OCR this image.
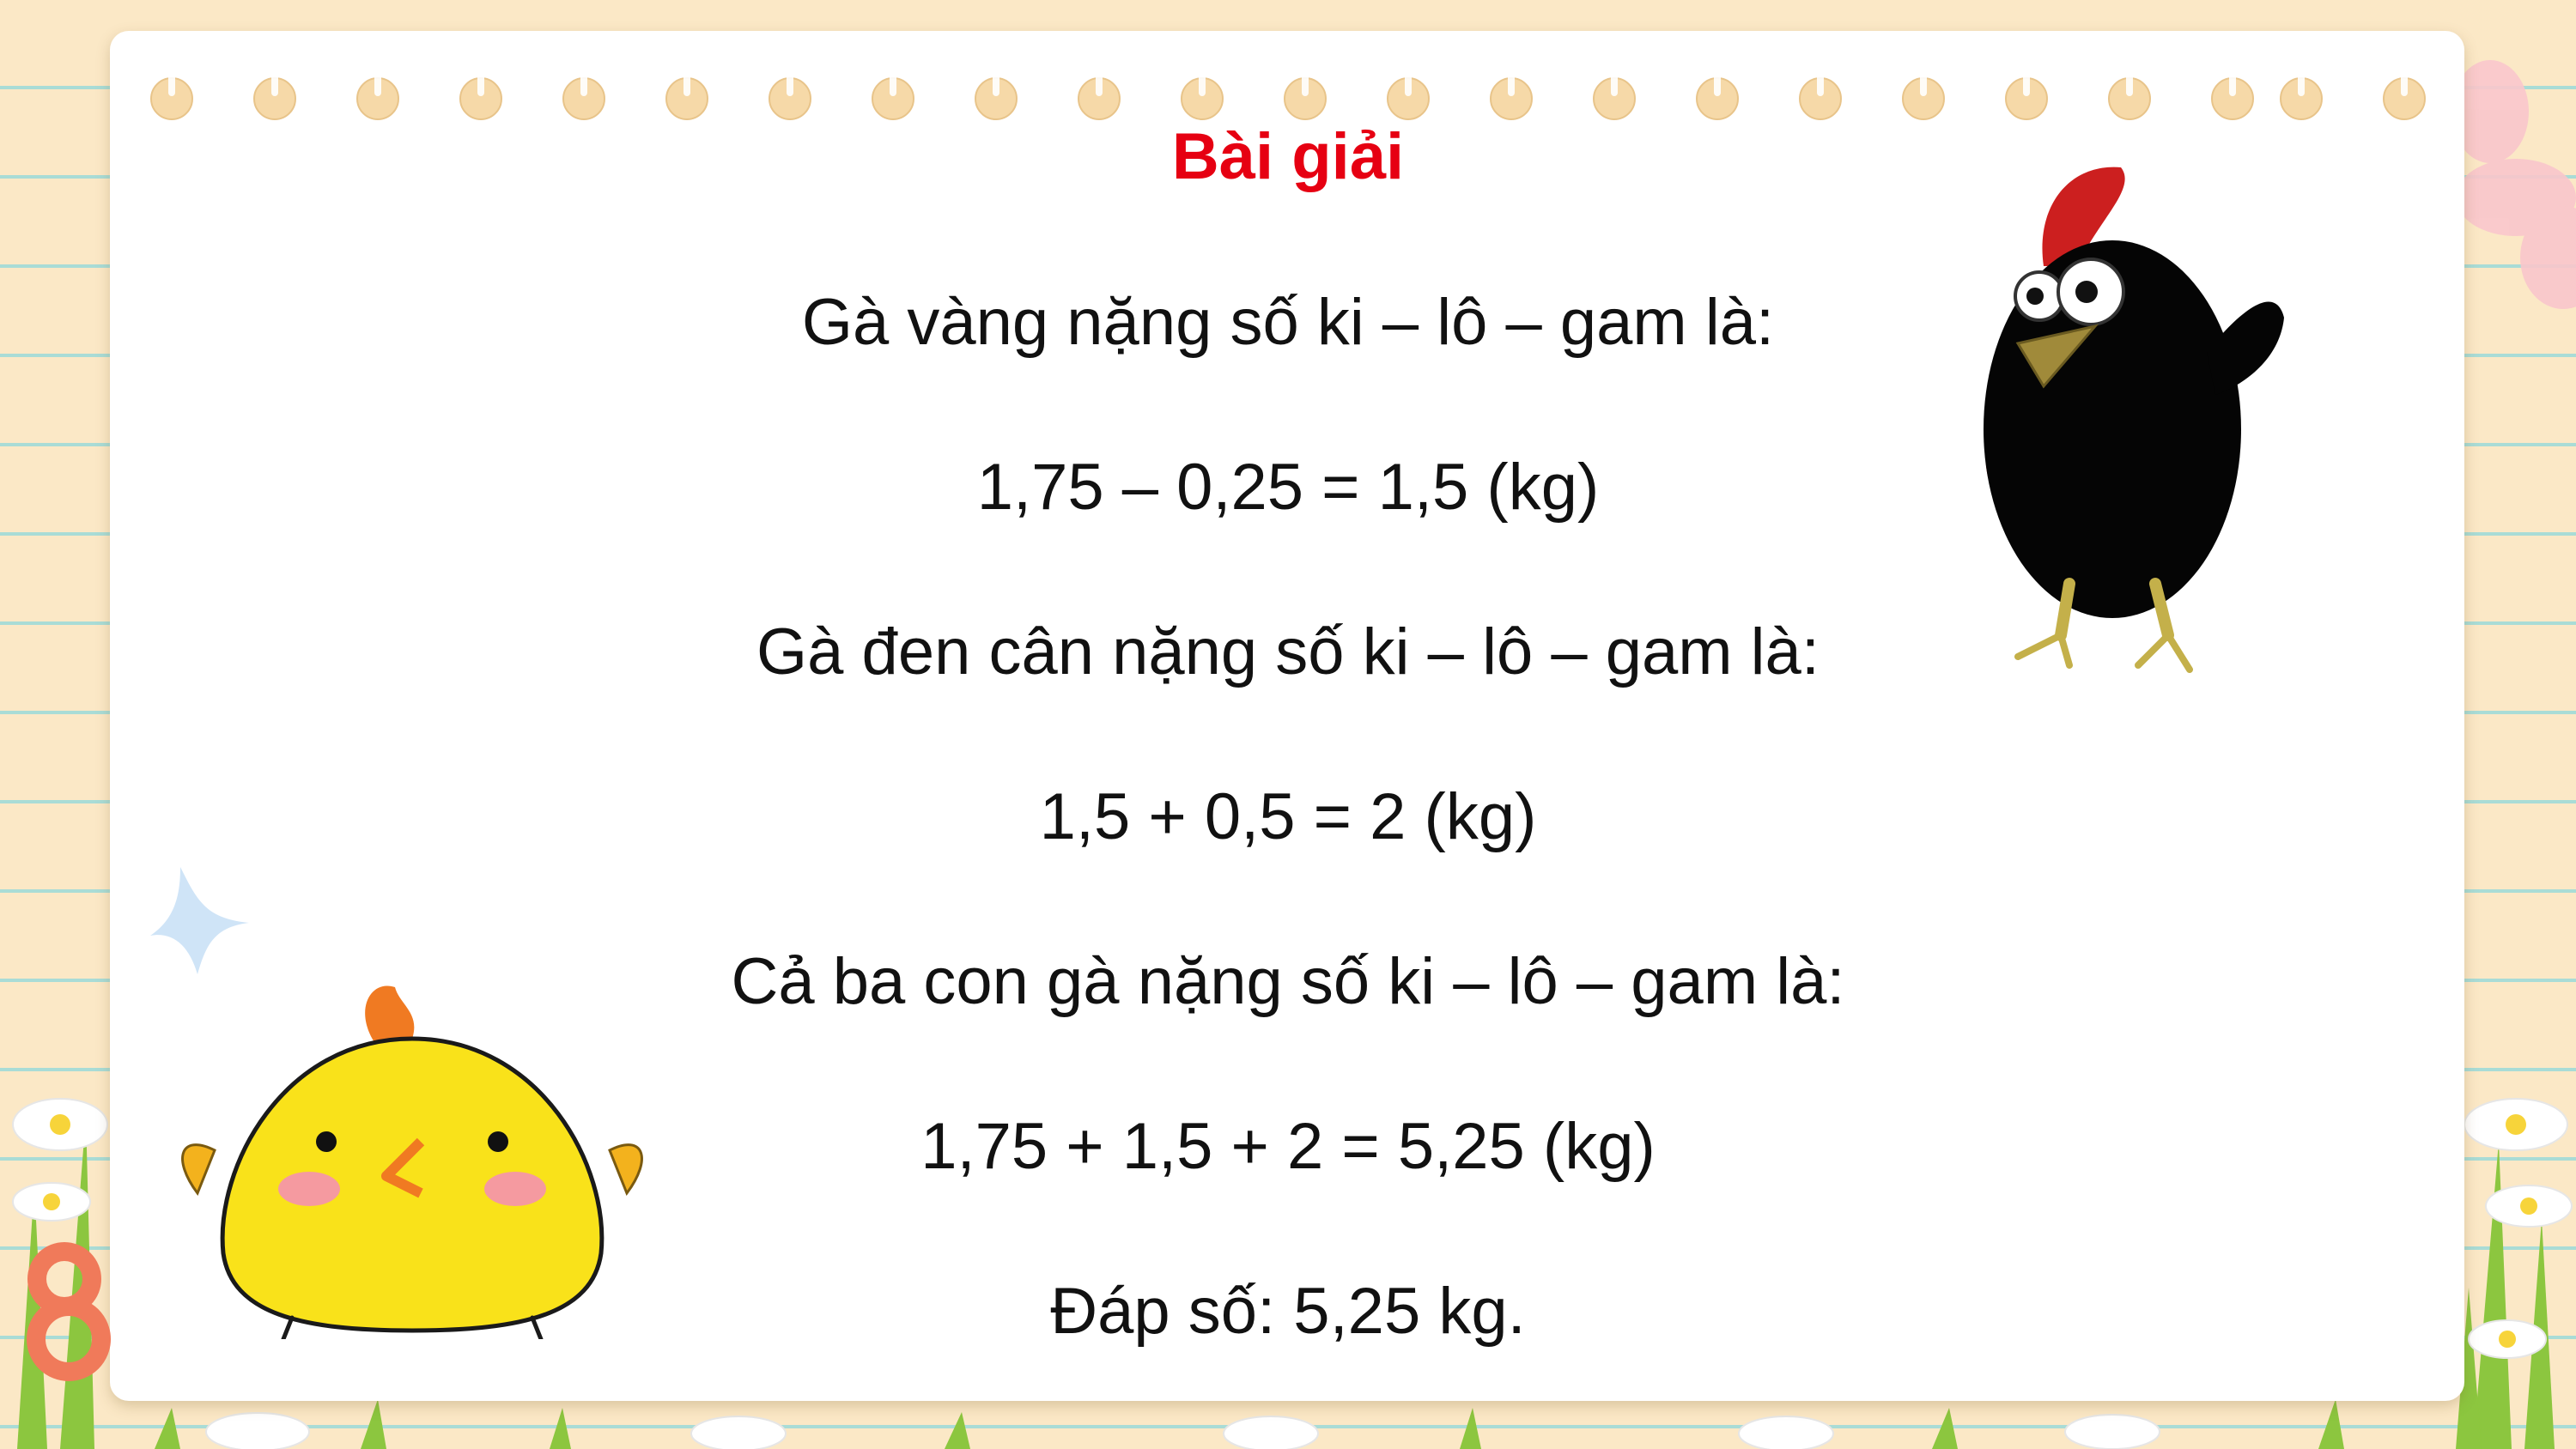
Bài giải
Gà vàng nặng số ki – lô – gam là:
1,75 – 0,25 = 1,5 (kg)
Gà đen cân nặng số ki – lô – gam là:
1,5 + 0,5 = 2 (kg)
Cả ba con gà nặng số ki – lô – gam là:
1,75 + 1,5 + 2 = 5,25 (kg)
Đáp số: 5,25 kg.
